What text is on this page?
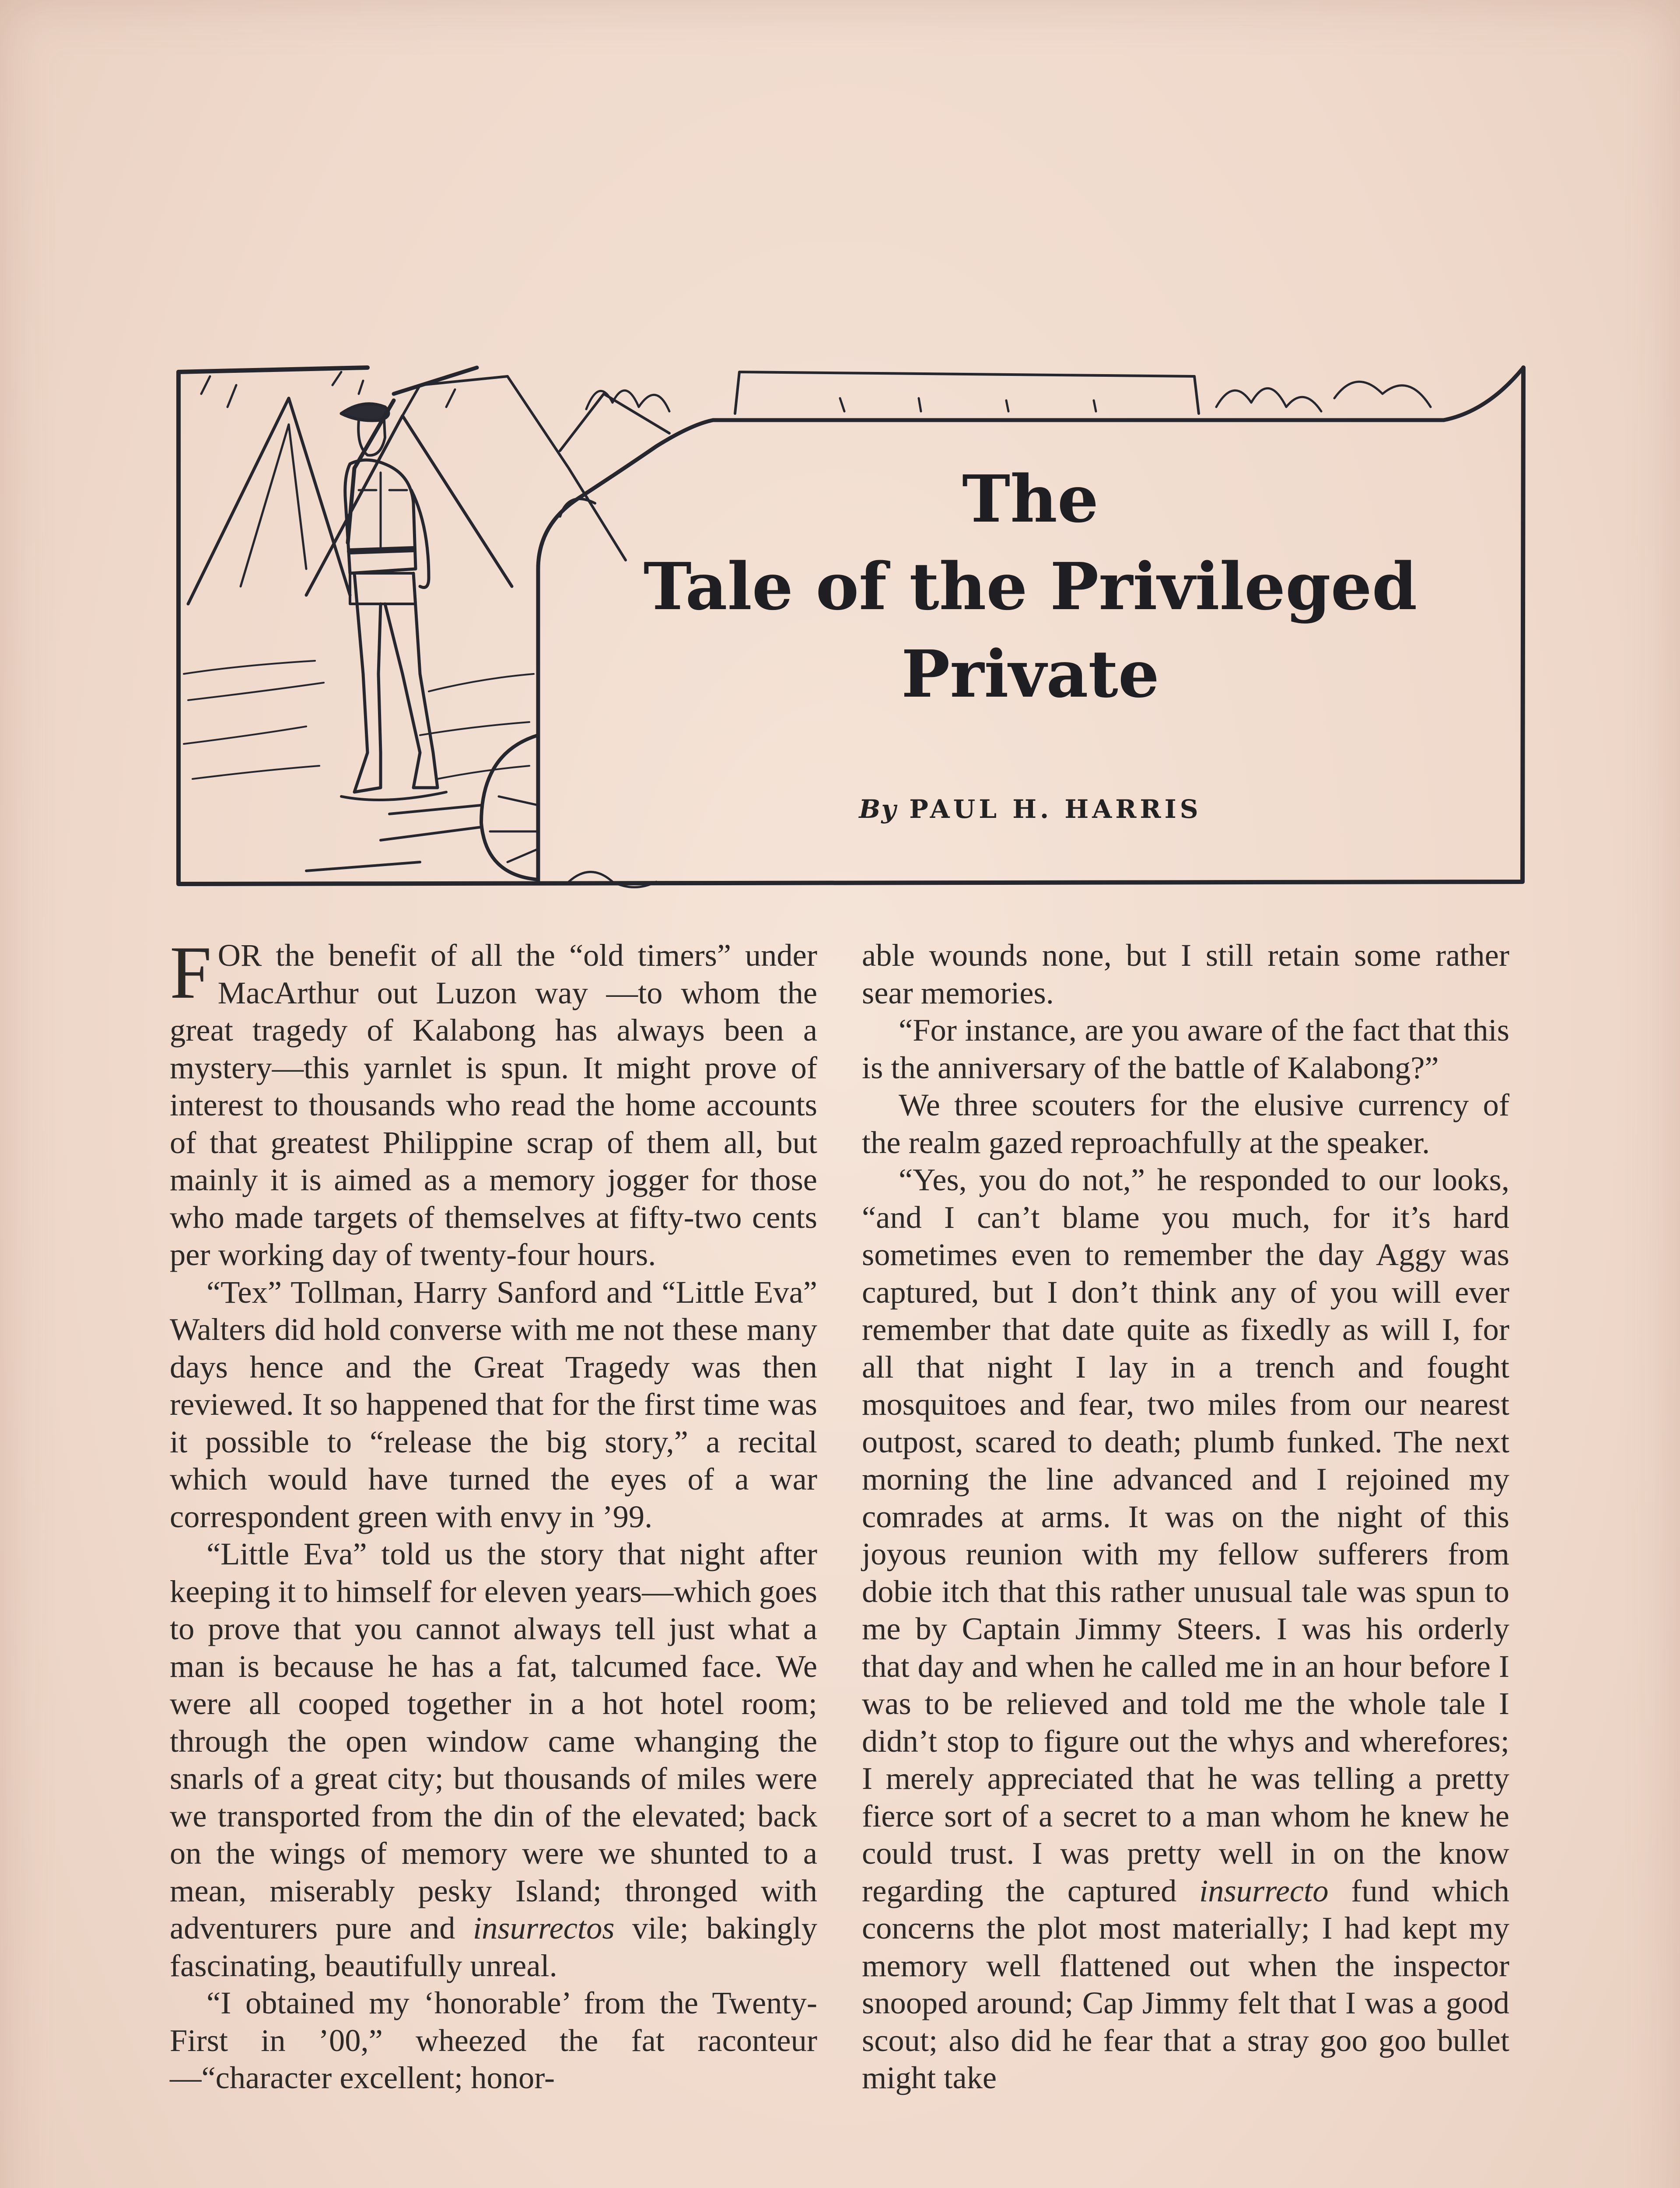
The
Tale of the Privileged
Private
By PAUL H. HARRIS

FOR the benefit of all the “old timers” under MacArthur out Luzon way —to whom the great tragedy of Kalabong has always been a mystery—this yarnlet is spun. It might prove of interest to thousands who read the home accounts of that greatest Philippine scrap of them all, but mainly it is aimed as a memory jogger for those who made targets of themselves at fifty-two cents per working day of twenty-four hours.

“Tex” Tollman, Harry Sanford and “Little Eva” Walters did hold converse with me not these many days hence and the Great Tragedy was then reviewed. It so happened that for the first time was it possible to “release the big story,” a recital which would have turned the eyes of a war correspondent green with envy in ’99.

“Little Eva” told us the story that night after keeping it to himself for eleven years—which goes to prove that you cannot always tell just what a man is because he has a fat, talcumed face. We were all cooped together in a hot hotel room; through the open window came whanging the snarls of a great city; but thousands of miles were we transported from the din of the elevated; back on the wings of memory were we shunted to a mean, miserably pesky Island; thronged with adventurers pure and insurrectos vile; bakingly fascinating, beautifully unreal.

“I obtained my ‘honorable’ from the Twenty-First in ’00,” wheezed the fat raconteur—“character excellent; honor-

able wounds none, but I still retain some rather sear memories.

“For instance, are you aware of the fact that this is the anniversary of the battle of Kalabong?”

We three scouters for the elusive currency of the realm gazed reproachfully at the speaker.

“Yes, you do not,” he responded to our looks, “and I can’t blame you much, for it’s hard sometimes even to remember the day Aggy was captured, but I don’t think any of you will ever remember that date quite as fixedly as will I, for all that night I lay in a trench and fought mosquitoes and fear, two miles from our nearest outpost, scared to death; plumb funked. The next morning the line advanced and I rejoined my comrades at arms. It was on the night of this joyous reunion with my fellow sufferers from dobie itch that this rather unusual tale was spun to me by Captain Jimmy Steers. I was his orderly that day and when he called me in an hour before I was to be relieved and told me the whole tale I didn’t stop to figure out the whys and wherefores; I merely appreciated that he was telling a pretty fierce sort of a secret to a man whom he knew he could trust. I was pretty well in on the know regarding the captured insurrecto fund which concerns the plot most materially; I had kept my memory well flattened out when the inspector snooped around; Cap Jimmy felt that I was a good scout; also did he fear that a stray goo goo bullet might take
